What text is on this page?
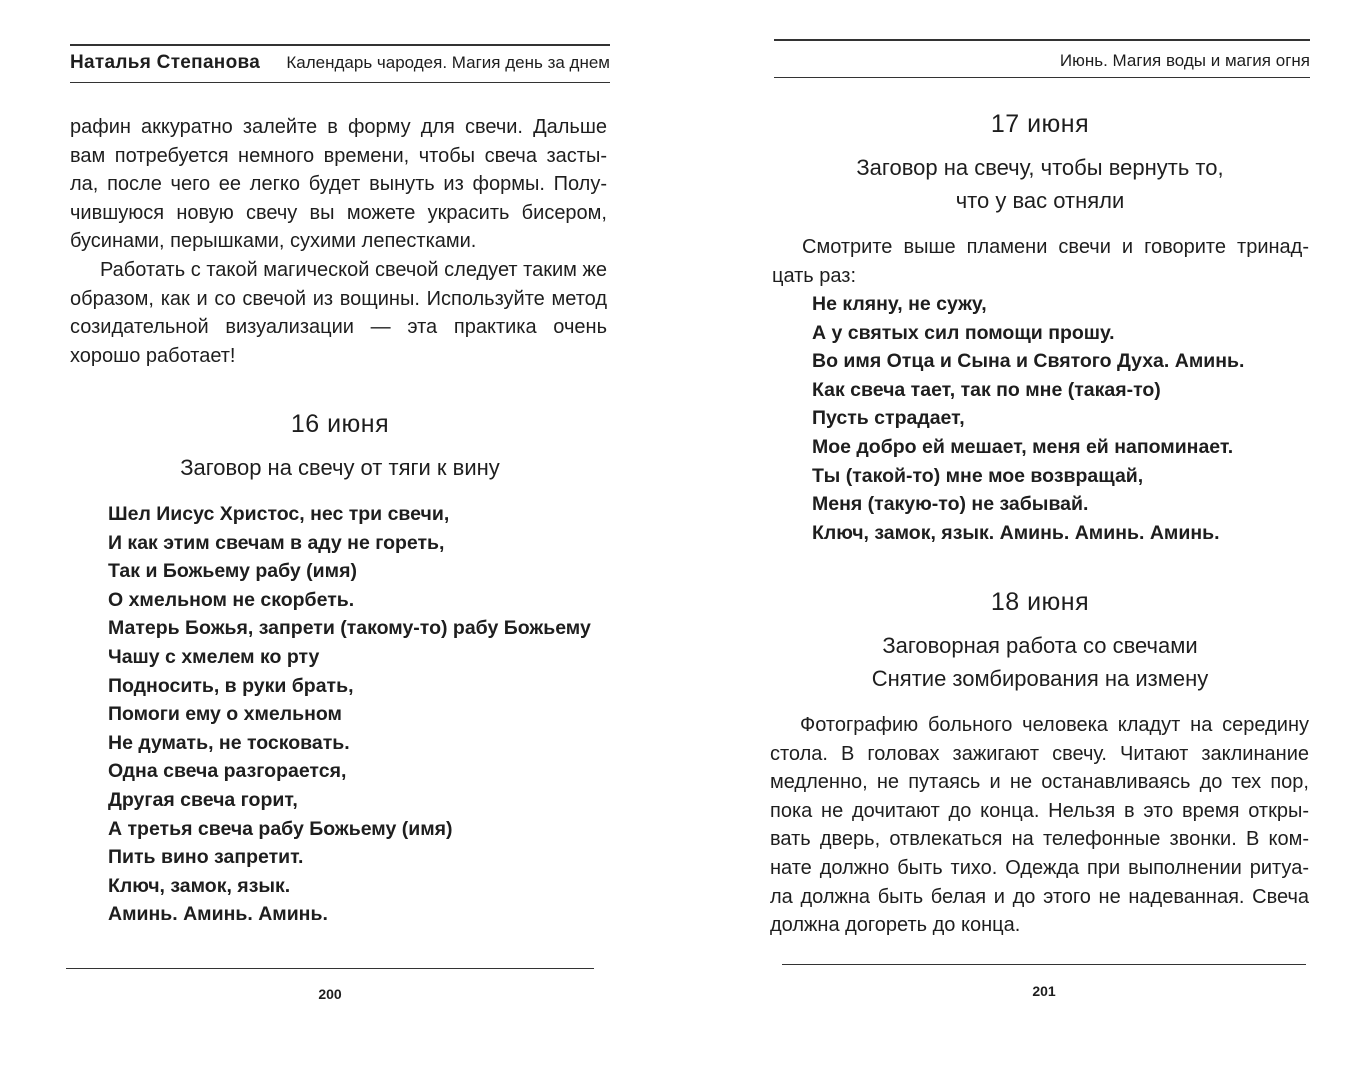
Наталья Степанова Календарь чародея. Магия день за днем

рафин аккуратно залейте в форму для свечи. Дальше вам потребуется немного времени, чтобы свеча засты-ла, после чего ее легко будет вынуть из формы. Полу-чившуюся новую свечу вы можете украсить бисером, бусинами, перышками, сухими лепестками.

Работать с такой магической свечой следует таким же образом, как и со свечой из вощины. Используйте метод созидательной визуализации — эта практика очень хорошо работает!

16 июня
Заговор на свечу от тяги к вину
Шел Иисус Христос, нес три свечи,
И как этим свечам в аду не гореть,
Так и Божьему рабу (имя)
О хмельном не скорбеть.
Матерь Божья, запрети (такому-то) рабу Божьему
Чашу с хмелем ко рту
Подносить, в руки брать,
Помоги ему о хмельном
Не думать, не тосковать.
Одна свеча разгорается,
Другая свеча горит,
А третья свеча рабу Божьему (имя)
Пить вино запретит.
Ключ, замок, язык.
Аминь. Аминь. Аминь.
200
Июнь. Магия воды и магия огня
17 июня
Заговор на свечу, чтобы вернуть то,
что у вас отняли

Смотрите выше пламени свечи и говорите тринад-цать раз:

Не кляну, не сужу,
А у святых сил помощи прошу.
Во имя Отца и Сына и Святого Духа. Аминь.
Как свеча тает, так по мне (такая-то)
Пусть страдает,
Мое добро ей мешает, меня ей напоминает.
Ты (такой-то) мне мое возвращай,
Меня (такую-то) не забывай.
Ключ, замок, язык. Аминь. Аминь. Аминь.
18 июня
Заговорная работа со свечами
Снятие зомбирования на измену

Фотографию больного человека кладут на середину стола. В головах зажигают свечу. Читают заклинание медленно, не путаясь и не останавливаясь до тех пор, пока не дочитают до конца. Нельзя в это время откры-вать дверь, отвлекаться на телефонные звонки. В ком-нате должно быть тихо. Одежда при выполнении ритуа-ла должна быть белая и до этого не надеванная. Свеча должна догореть до конца.

201
